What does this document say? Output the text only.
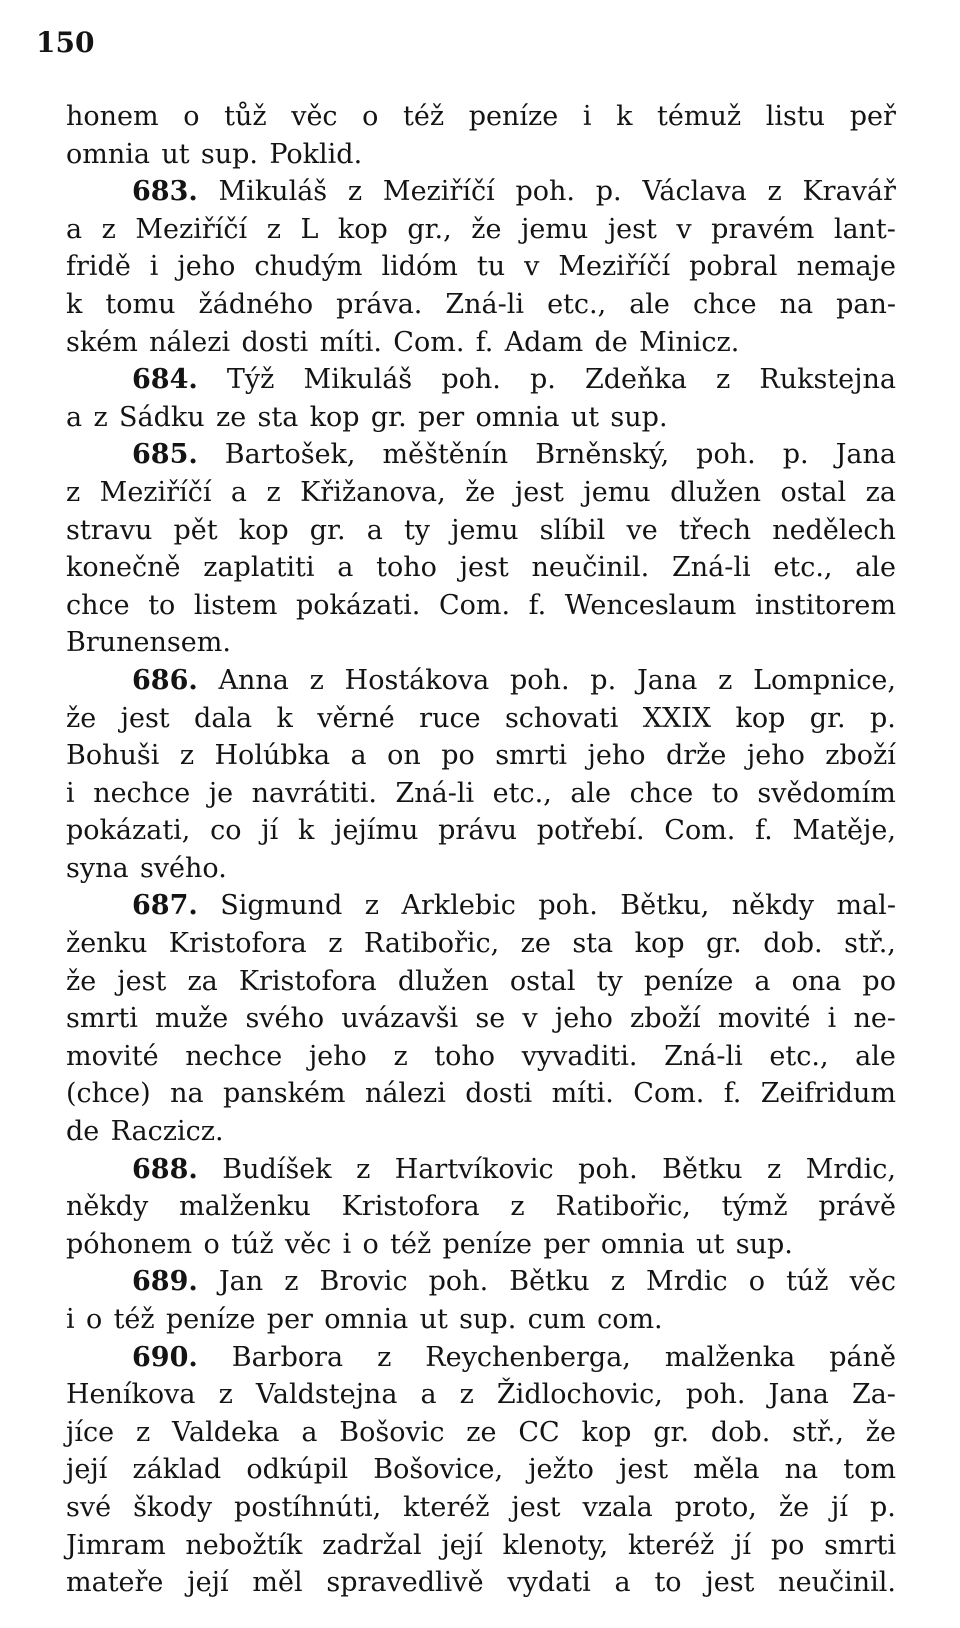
150
honem o tůž věc o též peníze i k témuž listu peř
omnia ut sup. Poklid.
683. Mikuláš z Meziříčí poh. p. Václava z Kravář
a z Meziříčí z L kop gr., že jemu jest v pravém lant-
fridě i jeho chudým lidóm tu v Meziříčí pobral nemaje
k tomu žádného práva. Zná-li etc., ale chce na pan-
ském nálezi dosti míti. Com. f. Adam de Minicz.
684. Týž Mikuláš poh. p. Zdeňka z Rukstejna
a z Sádku ze sta kop gr. per omnia ut sup.
685. Bartošek, měštěnín Brněnský, poh. p. Jana
z Meziříčí a z Křižanova, že jest jemu dlužen ostal za
stravu pět kop gr. a ty jemu slíbil ve třech nedělech
konečně zaplatiti a toho jest neučinil. Zná-li etc., ale
chce to listem pokázati. Com. f. Wenceslaum institorem
Brunensem.
686. Anna z Hostákova poh. p. Jana z Lompnice,
že jest dala k věrné ruce schovati XXIX kop gr. p.
Bohuši z Holúbka a on po smrti jeho drže jeho zboží
i nechce je navrátiti. Zná-li etc., ale chce to svědomím
pokázati, co jí k jejímu právu potřebí. Com. f. Matěje,
syna svého.
687. Sigmund z Arklebic poh. Bětku, někdy mal-
ženku Kristofora z Ratibořic, ze sta kop gr. dob. stř.,
že jest za Kristofora dlužen ostal ty peníze a ona po
smrti muže svého uvázavši se v jeho zboží movité i ne-
movité nechce jeho z toho vyvaditi. Zná-li etc., ale
(chce) na panském nálezi dosti míti. Com. f. Zeifridum
de Raczicz.
688. Budíšek z Hartvíkovic poh. Bětku z Mrdic,
někdy malženku Kristofora z Ratibořic, týmž právě
póhonem o túž věc i o též peníze per omnia ut sup.
689. Jan z Brovic poh. Bětku z Mrdic o túž věc
i o též peníze per omnia ut sup. cum com.
690. Barbora z Reychenberga, malženka páně
Heníkova z Valdstejna a z Židlochovic, poh. Jana Za-
jíce z Valdeka a Bošovic ze CC kop gr. dob. stř., že
její základ odkúpil Bošovice, ježto jest měla na tom
své škody postíhnúti, kteréž jest vzala proto, že jí p.
Jimram nebožtík zadržal její klenoty, kteréž jí po smrti
mateře její měl spravedlivě vydati a to jest neučinil.
